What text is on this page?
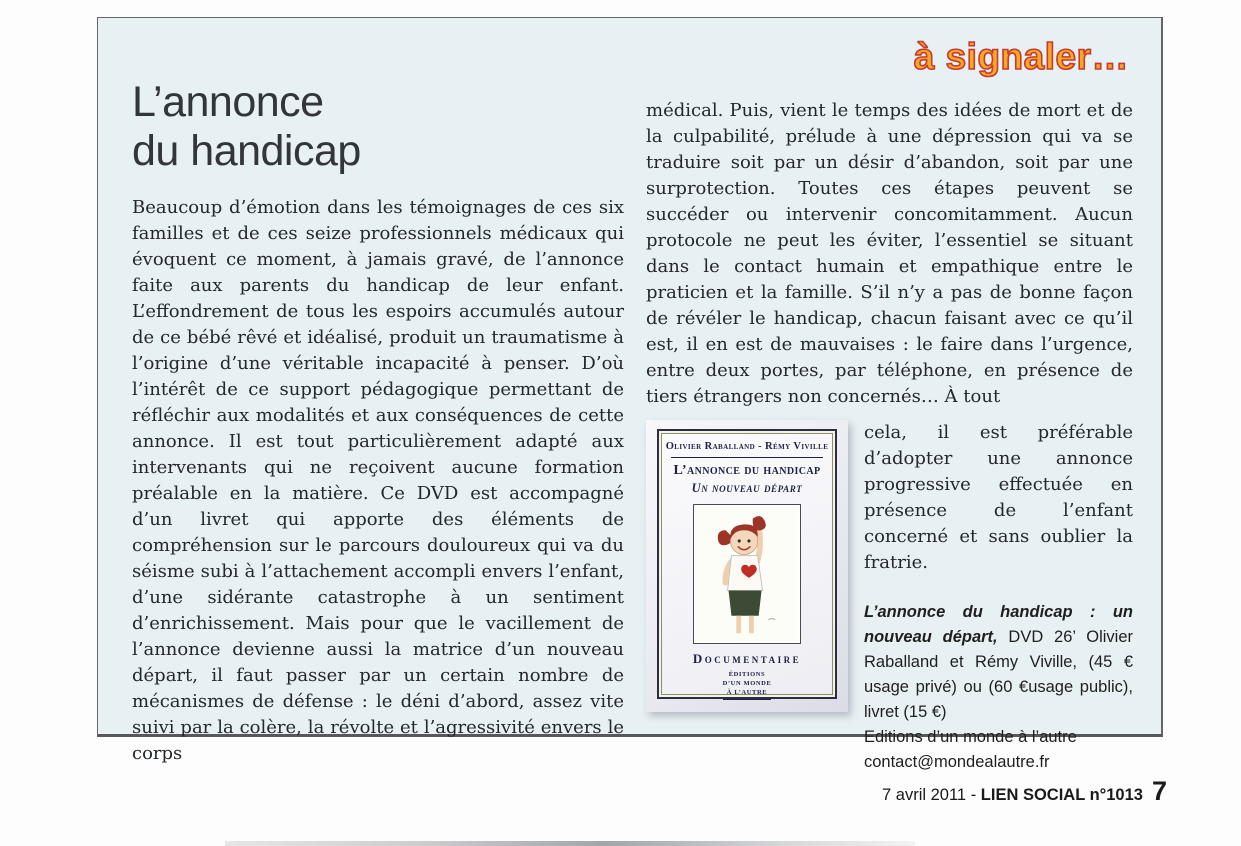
L’annonce
du handicap

Beaucoup d’émotion dans les témoignages de ces six familles et de ces seize professionnels médicaux qui évoquent ce moment, à jamais gravé, de l’annonce faite aux parents du handicap de leur enfant. L’effondrement de tous les espoirs accumulés autour de ce bébé rêvé et idéalisé, produit un traumatisme à l’origine d’une véritable incapacité à penser. D’où l’intérêt de ce support pédagogique permettant de réfléchir aux modalités et aux conséquences de cette annonce. Il est tout particulièrement adapté aux intervenants qui ne reçoivent aucune formation préalable en la matière. Ce DVD est accompagné d’un livret qui apporte des éléments de compréhension sur le parcours douloureux qui va du séisme subi à l’attachement accompli envers l’enfant, d’une sidérante catastrophe à un sentiment d’enrichissement. Mais pour que le vacillement de l’annonce devienne aussi la matrice d’un nouveau départ, il faut passer par un certain nombre de mécanismes de défense : le déni d’abord, assez vite suivi par la colère, la révolte et l’agressivité envers le corps

à signaler…

médical. Puis, vient le temps des idées de mort et de la culpabilité, prélude à une dépression qui va se traduire soit par un désir d’abandon, soit par une surprotection. Toutes ces étapes peuvent se succéder ou intervenir concomitamment. Aucun protocole ne peut les éviter, l’essentiel se situant dans le contact humain et empathique entre le praticien et la famille. S’il n’y a pas de bonne façon de révéler le handicap, chacun faisant avec ce qu’il est, il en est de mauvaises : le faire dans l’urgence, entre deux portes, par téléphone, en présence de tiers étrangers non concernés… À tout

Olivier Raballand - Rémy Viville
L’annonce du handicap
Un nouveau départ
Documentaire
ÉDITIONS
D’UN MONDE
À L’AUTRE

cela, il est préférable d’adopter une annonce progressive effectuée en présence de l’enfant concerné et sans oublier la fratrie.

L’annonce du handicap : un nouveau départ, DVD 26’ Olivier Raballand et Rémy Viville, (45 € usage privé) ou (60 €usage public), livret (15 €)

Editions d’un monde à l’autre

contact@mondealautre.fr

7 avril 2011 - LIEN SOCIAL n°1013 7
